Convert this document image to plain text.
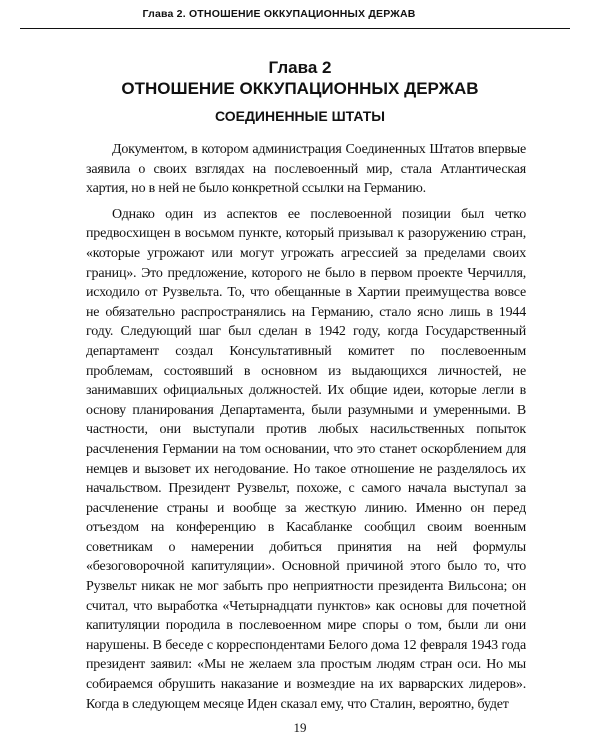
Глава 2. ОТНОШЕНИЕ ОККУПАЦИОННЫХ ДЕРЖАВ
Глава 2
ОТНОШЕНИЕ ОККУПАЦИОННЫХ ДЕРЖАВ
СОЕДИНЕННЫЕ ШТАТЫ

Документом, в котором администрация Соединенных Штатов впервые заявила о своих взглядах на послевоенный мир, стала Атлантическая хартия, но в ней не было конкретной ссылки на Германию.

Однако один из аспектов ее послевоенной позиции был четко предвосхищен в восьмом пункте, который призывал к разоружению стран, «которые угрожают или могут угрожать агрессией за пределами своих границ». Это предложение, которого не было в первом проекте Черчилля, исходило от Рузвельта. То, что обещанные в Хартии преимущества вовсе не обязательно распространялись на Германию, стало ясно лишь в 1944 году. Следующий шаг был сделан в 1942 году, когда Государственный департамент создал Консультативный комитет по послевоенным проблемам, состоявший в основном из выдающихся личностей, не занимавших официальных должностей. Их общие идеи, которые легли в основу планирования Департамента, были разумными и умеренными. В частности, они выступали против любых насильственных попыток расчленения Германии на том основании, что это станет оскорблением для немцев и вызовет их негодование. Но такое отношение не разделялось их начальством. Президент Рузвельт, похоже, с самого начала выступал за расчленение страны и вообще за жесткую линию. Именно он перед отъездом на конференцию в Касабланке сообщил своим военным советникам о намерении добиться принятия на ней формулы «безоговорочной капитуляции». Основной причиной этого было то, что Рузвельт никак не мог забыть про неприятности президента Вильсона; он считал, что выработка «Четырнадцати пунктов» как основы для почетной капитуляции породила в послевоенном мире споры о том, были ли они нарушены. В беседе с корреспондентами Белого дома 12 февраля 1943 года президент заявил: «Мы не желаем зла простым людям стран оси. Но мы собираемся обрушить наказание и возмездие на их варварских лидеров». Когда в следующем месяце Иден сказал ему, что Сталин, вероятно, будет

19
